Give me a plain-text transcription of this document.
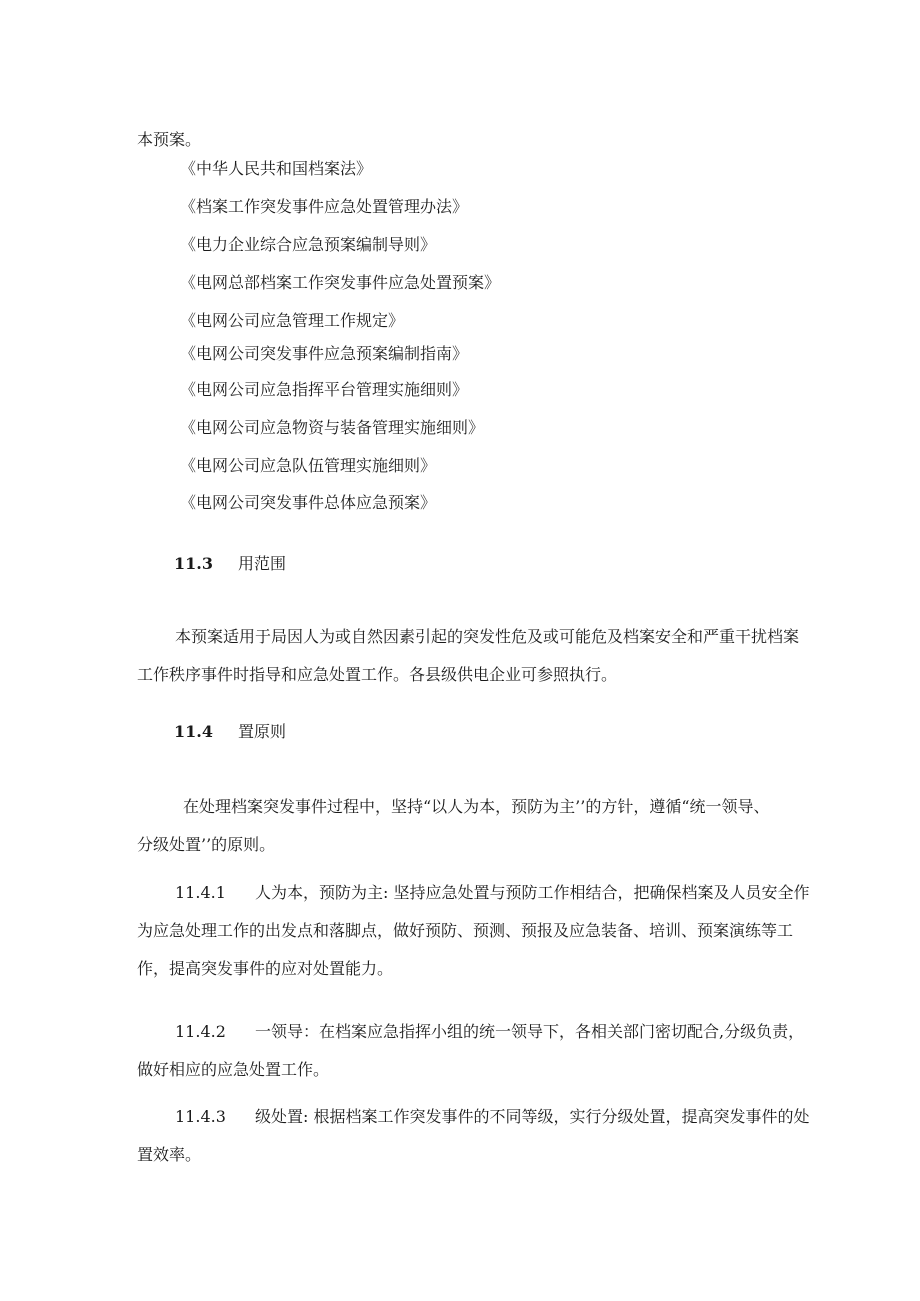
本预案。
《中华人民共和国档案法》
《档案工作突发事件应急处置管理办法》
《电力企业综合应急预案编制导则》
《电网总部档案工作突发事件应急处置预案》
《电网公司应急管理工作规定》
《电网公司突发事件应急预案编制指南》
《电网公司应急指挥平台管理实施细则》
《电网公司应急物资与装备管理实施细则》
《电网公司应急队伍管理实施细则》
《电网公司突发事件总体应急预案》
11.3 用范围
本预案适用于局因人为或自然因素引起的突发性危及或可能危及档案安全和严重干扰档案
工作秩序事件时指导和应急处置工作。各县级供电企业可参照执行。
11.4 置原则
在处理档案突发事件过程中，坚持“以人为本，预防为主’’的方针，遵循“统一领导、
分级处置’’的原则。
11.4.1 人为本，预防为主: 坚持应急处置与预防工作相结合，把确保档案及人员安全作
为应急处理工作的出发点和落脚点，做好预防、预测、预报及应急装备、培训、预案演练等工
作，提高突发事件的应对处置能力。
11.4.2 一领导：在档案应急指挥小组的统一领导下，各相关部门密切配合,分级负责，
做好相应的应急处置工作。
11.4.3 级处置: 根据档案工作突发事件的不同等级，实行分级处置，提高突发事件的处
置效率。
